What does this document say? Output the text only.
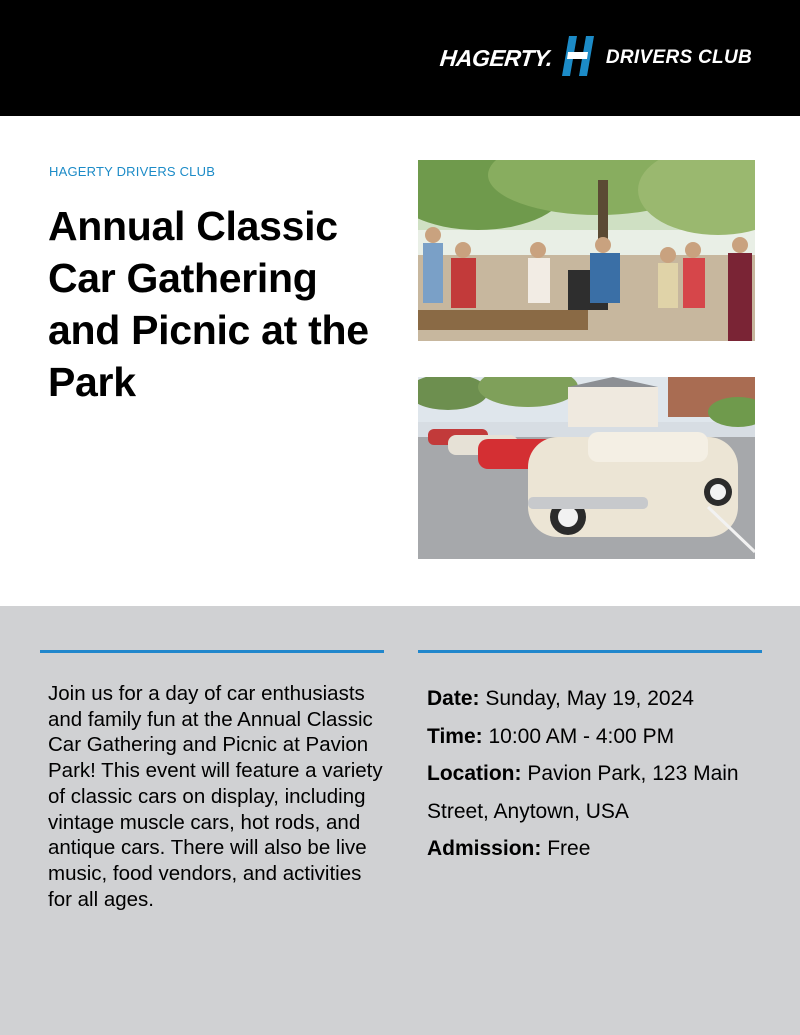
HAGERTY.	DRIVERS CLUB
HAGERTY DRIVERS CLUB
Annual Classic Car Gathering and Picnic at the Park

Join us for a day of car enthusiasts and family fun at the Annual Classic Car Gathering and Picnic at Pavion Park! This event will feature a variety of classic cars on display, including vintage muscle cars, hot rods, and antique cars. There will also be live music, food vendors, and activities for all ages.

Date: Sunday, May 19, 2024
Time: 10:00 AM - 4:00 PM
Location: Pavion Park, 123 Main Street, Anytown, USA
Admission: Free
